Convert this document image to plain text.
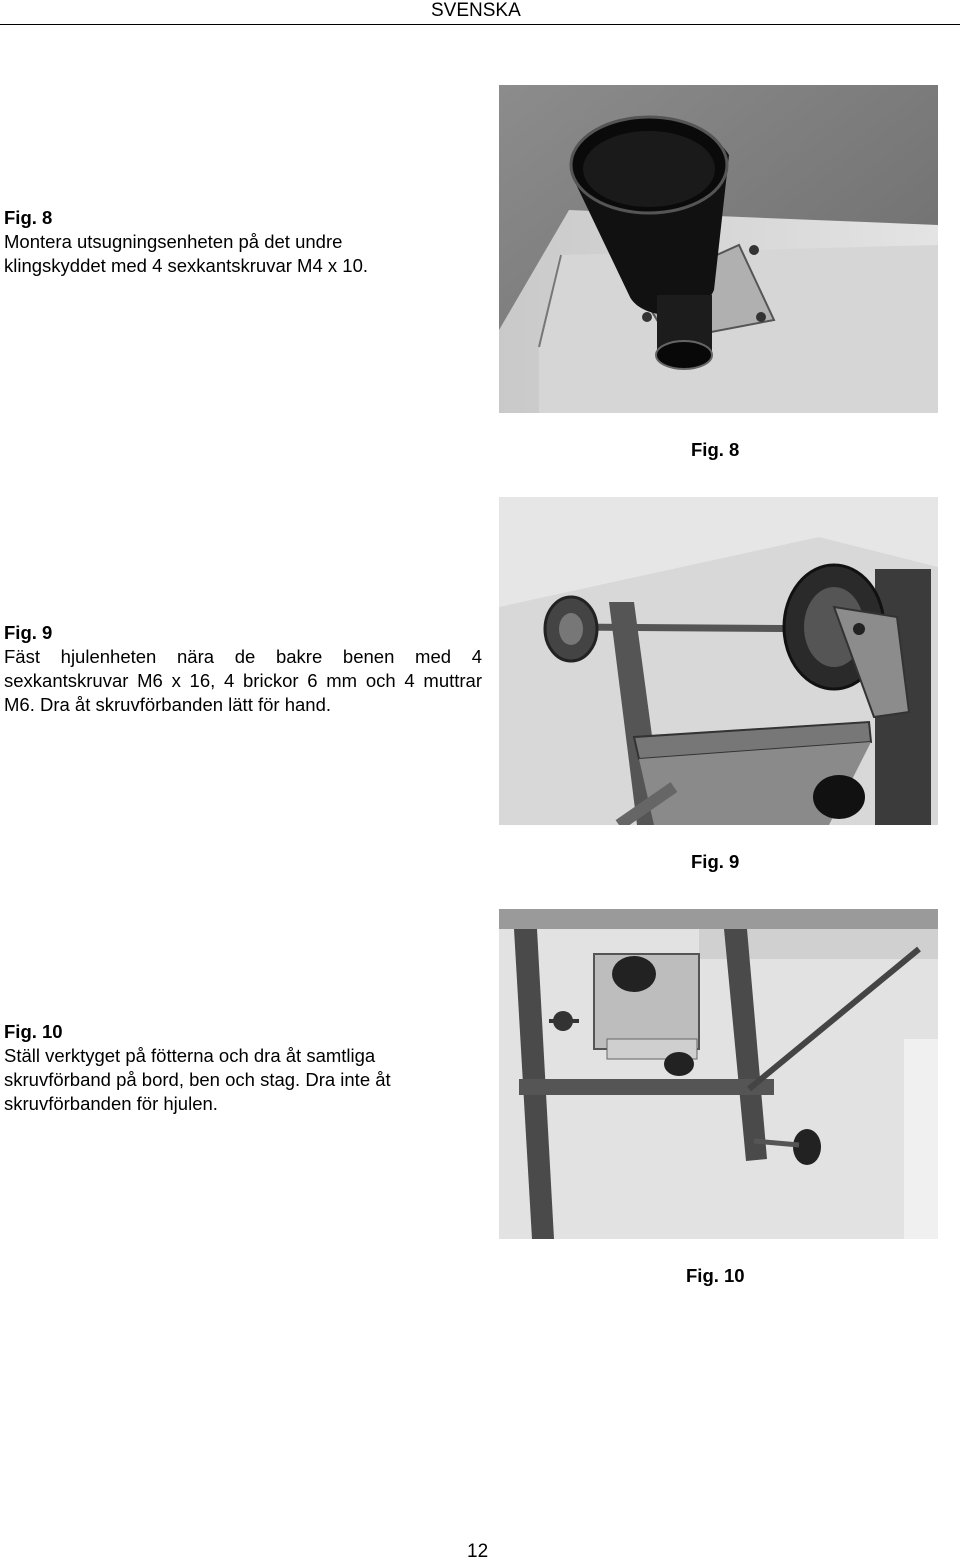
SVENSKA
Fig. 8

Montera utsugningsenheten på det undre klingskyddet med 4 sexkantskruvar M4 x 10.

Fig. 8
Fig. 9

Fäst hjulenheten nära de bakre benen med 4 sexkantskruvar M6 x 16, 4 brickor 6 mm och 4 muttrar M6. Dra åt skruvförbanden lätt för hand.

Fig. 9
Fig. 10

Ställ verktyget på fötterna och dra åt samtliga skruvförband på bord, ben och stag. Dra inte åt skruvförbanden för hjulen.

Fig. 10
12
